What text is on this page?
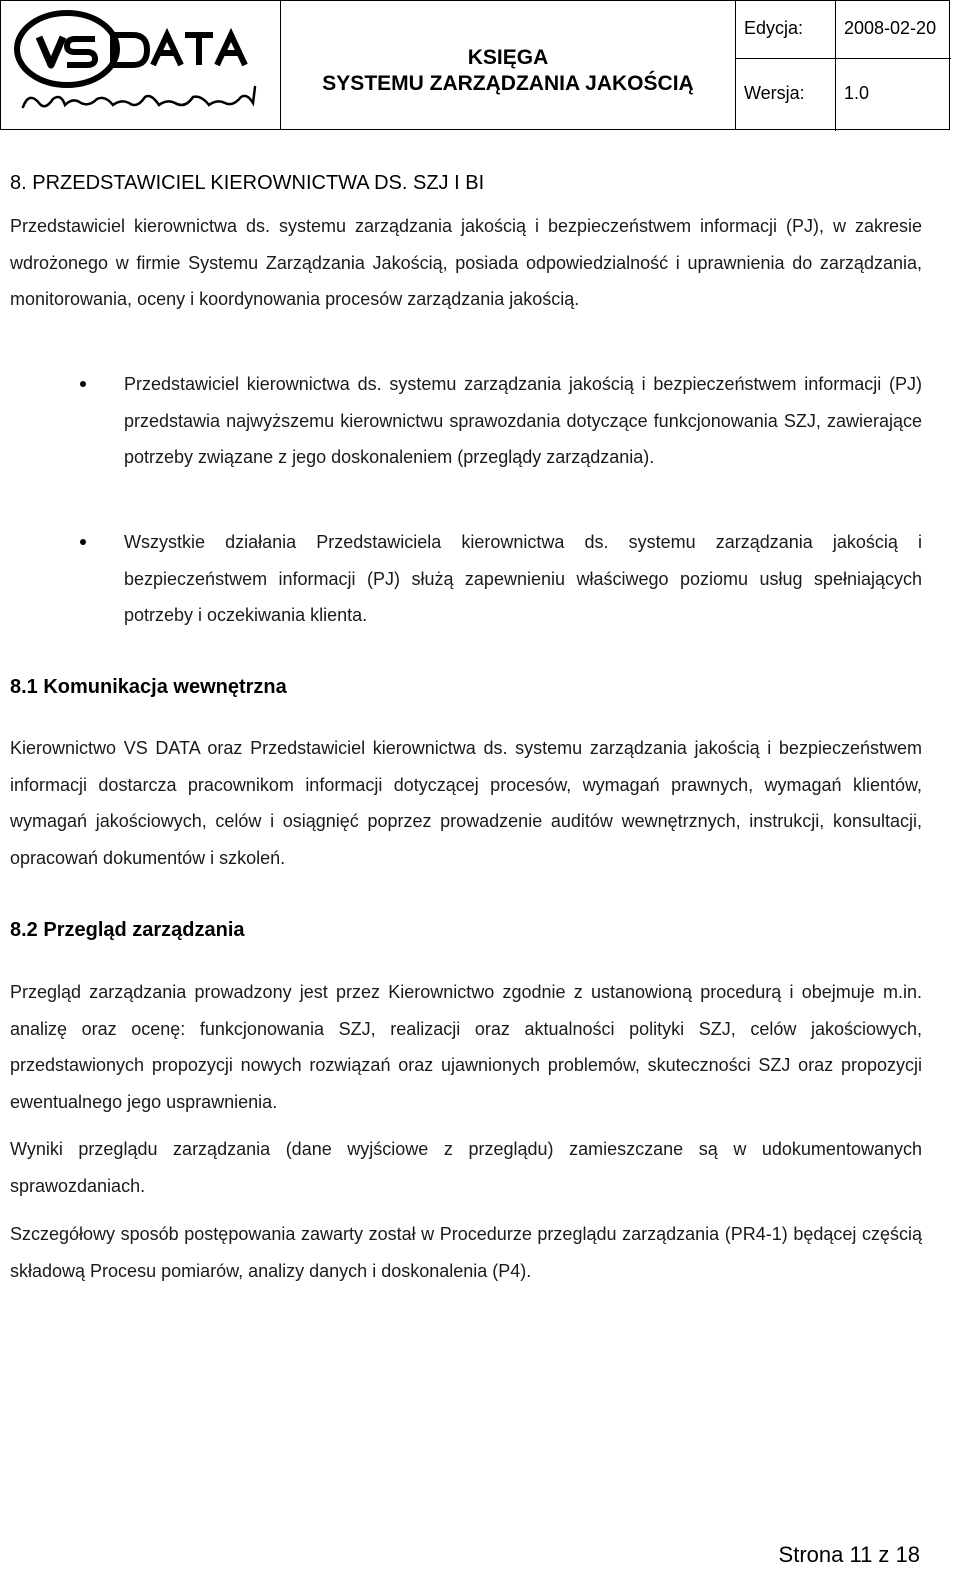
KSIĘGA
SYSTEMU ZARZĄDZANIA JAKOŚCIĄ
Edycja: 2008-02-20
Wersja: 1.0
8. PRZEDSTAWICIEL KIEROWNICTWA DS. SZJ I BI
Przedstawiciel kierownictwa ds. systemu zarządzania jakością i bezpieczeństwem informacji (PJ), w zakresie wdrożonego w firmie Systemu Zarządzania Jakością, posiada odpowiedzialność i uprawnienia do zarządzania, monitorowania, oceny i koordynowania procesów zarządzania jakością.
Przedstawiciel kierownictwa ds. systemu zarządzania jakością i bezpieczeństwem informacji (PJ) przedstawia najwyższemu kierownictwu sprawozdania dotyczące funkcjonowania SZJ, zawierające potrzeby związane z jego doskonaleniem (przeglądy zarządzania).
Wszystkie działania Przedstawiciela kierownictwa ds. systemu zarządzania jakością i bezpieczeństwem informacji (PJ) służą zapewnieniu właściwego poziomu usług spełniających potrzeby i oczekiwania klienta.
8.1 Komunikacja wewnętrzna
Kierownictwo VS DATA oraz Przedstawiciel kierownictwa ds. systemu zarządzania jakością i bezpieczeństwem informacji dostarcza pracownikom informacji dotyczącej procesów, wymagań prawnych, wymagań klientów, wymagań jakościowych, celów i osiągnięć poprzez prowadzenie auditów wewnętrznych, instrukcji, konsultacji, opracowań dokumentów i szkoleń.
8.2 Przegląd zarządzania
Przegląd zarządzania prowadzony jest przez Kierownictwo zgodnie z ustanowioną procedurą i obejmuje m.in. analizę oraz ocenę: funkcjonowania SZJ, realizacji oraz aktualności polityki SZJ, celów jakościowych, przedstawionych propozycji nowych rozwiązań oraz ujawnionych problemów, skuteczności SZJ oraz propozycji ewentualnego jego usprawnienia.
Wyniki przeglądu zarządzania (dane wyjściowe z przeglądu) zamieszczane są w udokumentowanych sprawozdaniach.
Szczegółowy sposób postępowania zawarty został w Procedurze przeglądu zarządzania (PR4-1) będącej częścią składową Procesu pomiarów, analizy danych i doskonalenia (P4).
Strona 11 z 18
